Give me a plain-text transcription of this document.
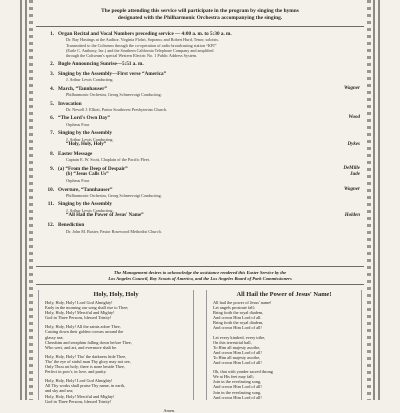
The people attending this service will participate in the program by singing the hymns
designated with the Philharmonic Orchestra accompanying the singing.
1. Organ Recital and Vocal Numbers preceding service — 4:00 a. m. to 5:30 a. m.
Dr. Ray Hastings at the Auditor. Virginia Flohri, Soprano, and Robert Hurd, Tenor, soloists.
Transmitted to the Coliseum through the co-operation of radio broadcasting station “KFI”
(Earle C. Anthony, Inc.) and the Southern California Telephone Company and amplified
through the Coliseum's special Western Electric No. 1 Public Address System.
2. Bugle Announcing Sunrise—5:51 a. m.
3. Singing by the Assembly—First verse “America”
J. Arthur Lewis Conducting.
4. March, “Tannhauser”	Wagner
Philharmonic Orchestra, Georg Schneevoigt Conducting.
5. Invocation
Dr. Newell J. Elliott, Pastor Southwest Presbyterian Church.
6. “The Lord's Own Day”	Wood
Orpheus Four
7. Singing by the Assembly
J. Arthur Lewis Conducting.
“Holy, Holy, Holy”	Dykes
8. Easter Message
Captain E. W. Scott, Chaplain of the Pacific Fleet.
9. (a) “From the Deep of Despair”	DeMille
(b) “Jesus Calls Us”	Jude
Orpheus Four
10. Overture, “Tannhauser”	Wagner
Philharmonic Orchestra, Georg Schneevoigt Conducting.
11. Singing by the Assembly
J. Arthur Lewis Conducting.
“All Hail the Power of Jesus' Name”	Holden
12. Benediction
Dr. John M. Baxter, Pastor Rosewood Methodist Church.
The Management desires to acknowledge the assistance rendered this Easter Service by the
Los Angeles Council, Boy Scouts of America, and the Los Angeles Board of Park Commissioners
Holy, Holy, Holy
Holy, Holy, Holy! Lord God Almighty!
Early in the morning our song shall rise to Thee;
Holy, Holy, Holy! Merciful and Mighty!
God in Three Persons, blessed Trinity!
Holy, Holy, Holy! All the saints adore Thee,
Casting down their golden crowns around the
glassy sea;
Cherubim and seraphim falling down before Thee,
Who wert, and art, and evermore shalt be.
Holy, Holy, Holy! Tho' the darkness hide Thee,
Tho' the eye of sinful man Thy glory may not see,
Only Thou art holy; there is none beside Thee,
Perfect in pow'r, in love, and purity.
Holy, Holy, Holy! Lord God Almighty!
All Thy works shall praise Thy name, in earth,
and sky and sea;
Holy, Holy, Holy! Merciful and Mighty!
God in Three Persons, blessed Trinity!
Amen.
All Hail the Power of Jesus' Name!
All hail the power of Jesus' name!
Let angels prostrate fall;
Bring forth the royal diadem,
And crown Him Lord of all.
Bring forth the royal diadem,
And crown Him Lord of all!
Let every kindred, every tribe,
On this terrestrial ball,
To Him all majesty ascribe,
And crown Him Lord of all!
To Him all majesty ascribe,
And crown Him Lord of all!
Oh, that with yonder sacred throng
We at His feet may fall;
Join in the everlasting song,
And crown Him Lord of all!
Join in the everlasting song,
And crown Him Lord of all!
